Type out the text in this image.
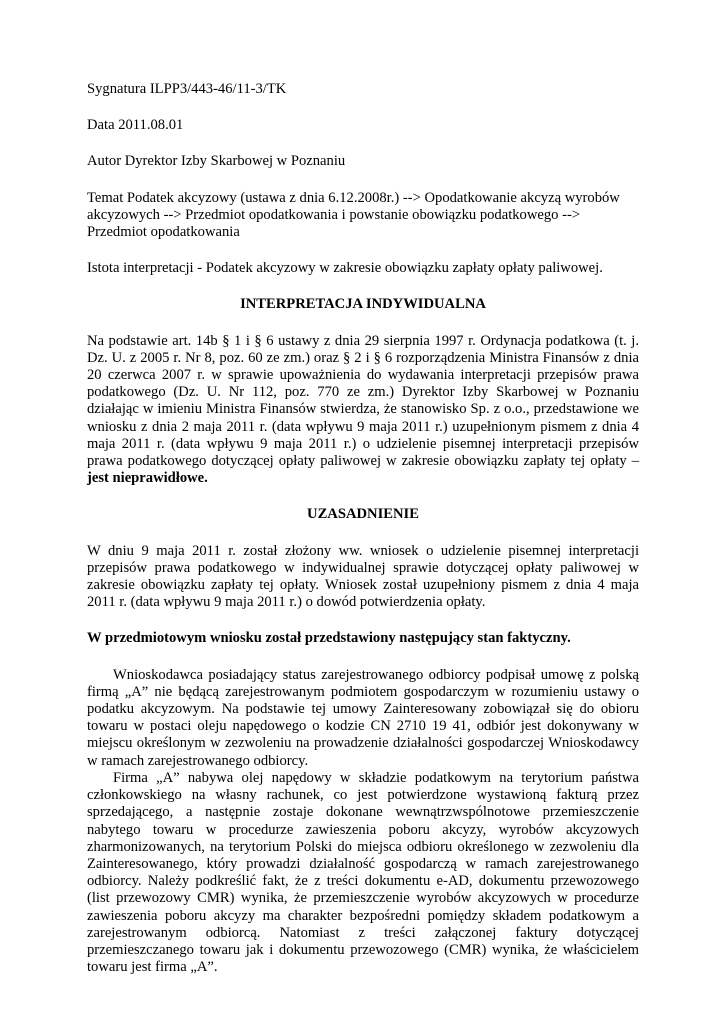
Sygnatura ILPP3/443-46/11-3/TK

Data 2011.08.01

Autor Dyrektor Izby Skarbowej w Poznaniu

Temat Podatek akcyzowy (ustawa z dnia 6.12.2008r.) --> Opodatkowanie akcyzą wyrobów akcyzowych --> Przedmiot opodatkowania i powstanie obowiązku podatkowego --> Przedmiot opodatkowania

Istota interpretacji - Podatek akcyzowy w zakresie obowiązku zapłaty opłaty paliwowej.

INTERPRETACJA INDYWIDUALNA

Na podstawie art. 14b § 1 i § 6 ustawy z dnia 29 sierpnia 1997 r. Ordynacja podatkowa (t. j. Dz. U. z 2005 r. Nr 8, poz. 60 ze zm.) oraz § 2 i § 6 rozporządzenia Ministra Finansów z dnia 20 czerwca 2007 r. w sprawie upoważnienia do wydawania interpretacji przepisów prawa podatkowego (Dz. U. Nr 112, poz. 770 ze zm.) Dyrektor Izby Skarbowej w Poznaniu działając w imieniu Ministra Finansów stwierdza, że stanowisko Sp. z o.o., przedstawione we wniosku z dnia 2 maja 2011 r. (data wpływu 9 maja 2011 r.) uzupełnionym pismem z dnia 4 maja 2011 r. (data wpływu 9 maja 2011 r.) o udzielenie pisemnej interpretacji przepisów prawa podatkowego dotyczącej opłaty paliwowej w zakresie obowiązku zapłaty tej opłaty – jest nieprawidłowe.

UZASADNIENIE

W dniu 9 maja 2011 r. został złożony ww. wniosek o udzielenie pisemnej interpretacji przepisów prawa podatkowego w indywidualnej sprawie dotyczącej opłaty paliwowej w zakresie obowiązku zapłaty tej opłaty. Wniosek został uzupełniony pismem z dnia 4 maja 2011 r. (data wpływu 9 maja 2011 r.) o dowód potwierdzenia opłaty.

W przedmiotowym wniosku został przedstawiony następujący stan faktyczny.

Wnioskodawca posiadający status zarejestrowanego odbiorcy podpisał umowę z polską firmą „A” nie będącą zarejestrowanym podmiotem gospodarczym w rozumieniu ustawy o podatku akcyzowym. Na podstawie tej umowy Zainteresowany zobowiązał się do obioru towaru w postaci oleju napędowego o kodzie CN 2710 19 41, odbiór jest dokonywany w miejscu określonym w zezwoleniu na prowadzenie działalności gospodarczej Wnioskodawcy w ramach zarejestrowanego odbiorcy.

Firma „A” nabywa olej napędowy w składzie podatkowym na terytorium państwa członkowskiego na własny rachunek, co jest potwierdzone wystawioną fakturą przez sprzedającego, a następnie zostaje dokonane wewnątrzwspólnotowe przemieszczenie nabytego towaru w procedurze zawieszenia poboru akcyzy, wyrobów akcyzowych zharmonizowanych, na terytorium Polski do miejsca odbioru określonego w zezwoleniu dla Zainteresowanego, który prowadzi działalność gospodarczą w ramach zarejestrowanego odbiorcy. Należy podkreślić fakt, że z treści dokumentu e-AD, dokumentu przewozowego (list przewozowy CMR) wynika, że przemieszczenie wyrobów akcyzowych w procedurze zawieszenia poboru akcyzy ma charakter bezpośredni pomiędzy składem podatkowym a zarejestrowanym odbiorcą. Natomiast z treści załączonej faktury dotyczącej przemieszczanego towaru jak i dokumentu przewozowego (CMR) wynika, że właścicielem towaru jest firma „A”.
